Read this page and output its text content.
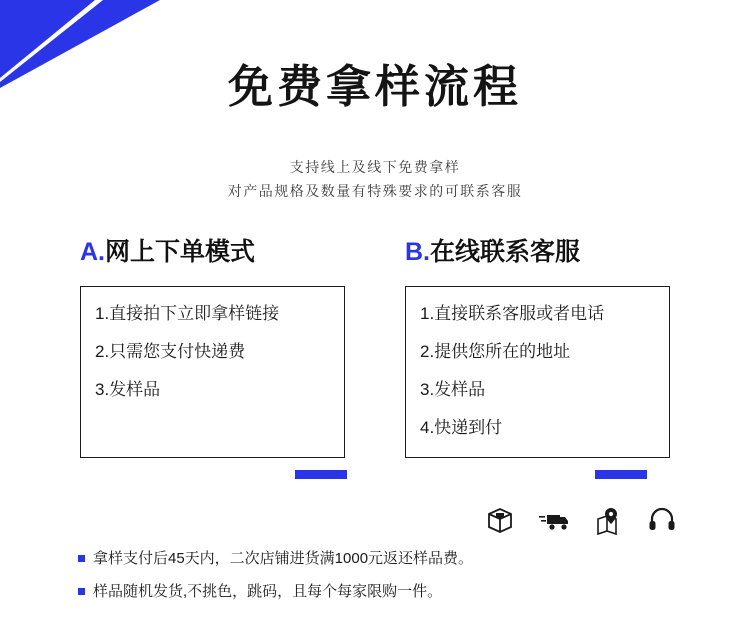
FREE SAMPLE HANDLING
免费拿样流程
支持线上及线下免费拿样
对产品规格及数量有特殊要求的可联系客服
A.网上下单模式
1.直接拍下立即拿样链接
2.只需您支付快递费
3.发样品
B.在线联系客服
1.直接联系客服或者电话
2.提供您所在的地址
3.发样品
4.快递到付
拿样支付后45天内，二次店铺进货满1000元返还样品费。
样品随机发货,不挑色，跳码，且每个每家限购一件。
